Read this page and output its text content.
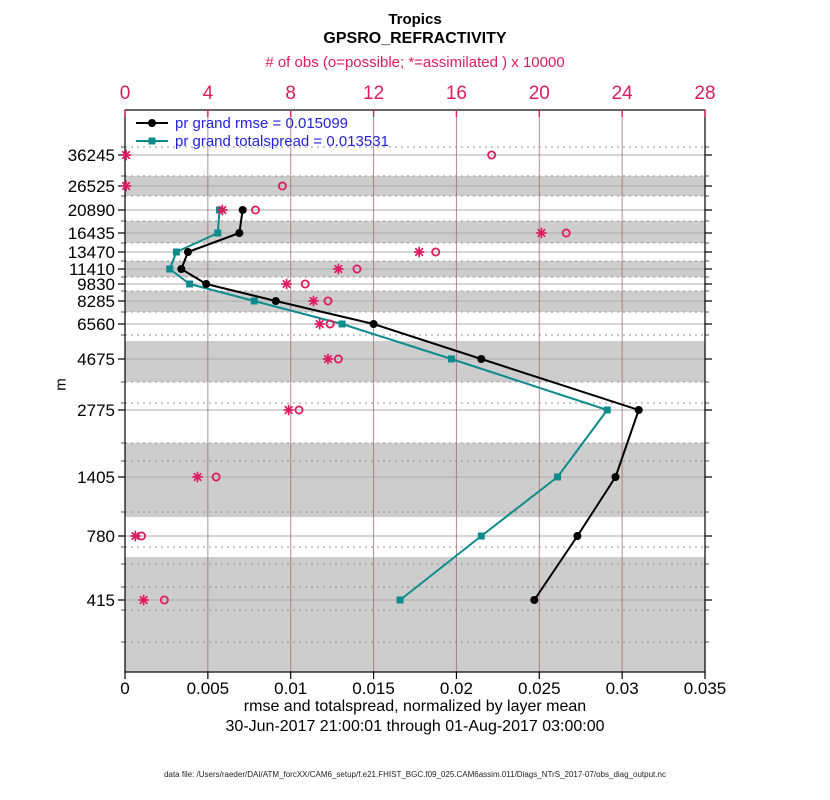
Tropics
GPSRO_REFRACTIVITY
# of obs (o=possible; *=assimilated ) x 10000
0	4	8	12	16	20	24	28
0	0.005	0.01	0.015	0.02	0.025	0.03	0.035
36245
26525
20890
16435
13470
11410
9830
8285
6560
4675
2775
1405
780
415
pr grand rmse = 0.015099
pr grand totalspread = 0.013531
rmse and totalspread, normalized by layer mean
30-Jun-2017 21:00:01 through 01-Aug-2017 03:00:00
m
data file: /Users/raeder/DAI/ATM_forcXX/CAM6_setup/f.e21.FHIST_BGC.f09_025.CAM6assim.011/Diags_NTrS_2017-07/obs_diag_output.nc
